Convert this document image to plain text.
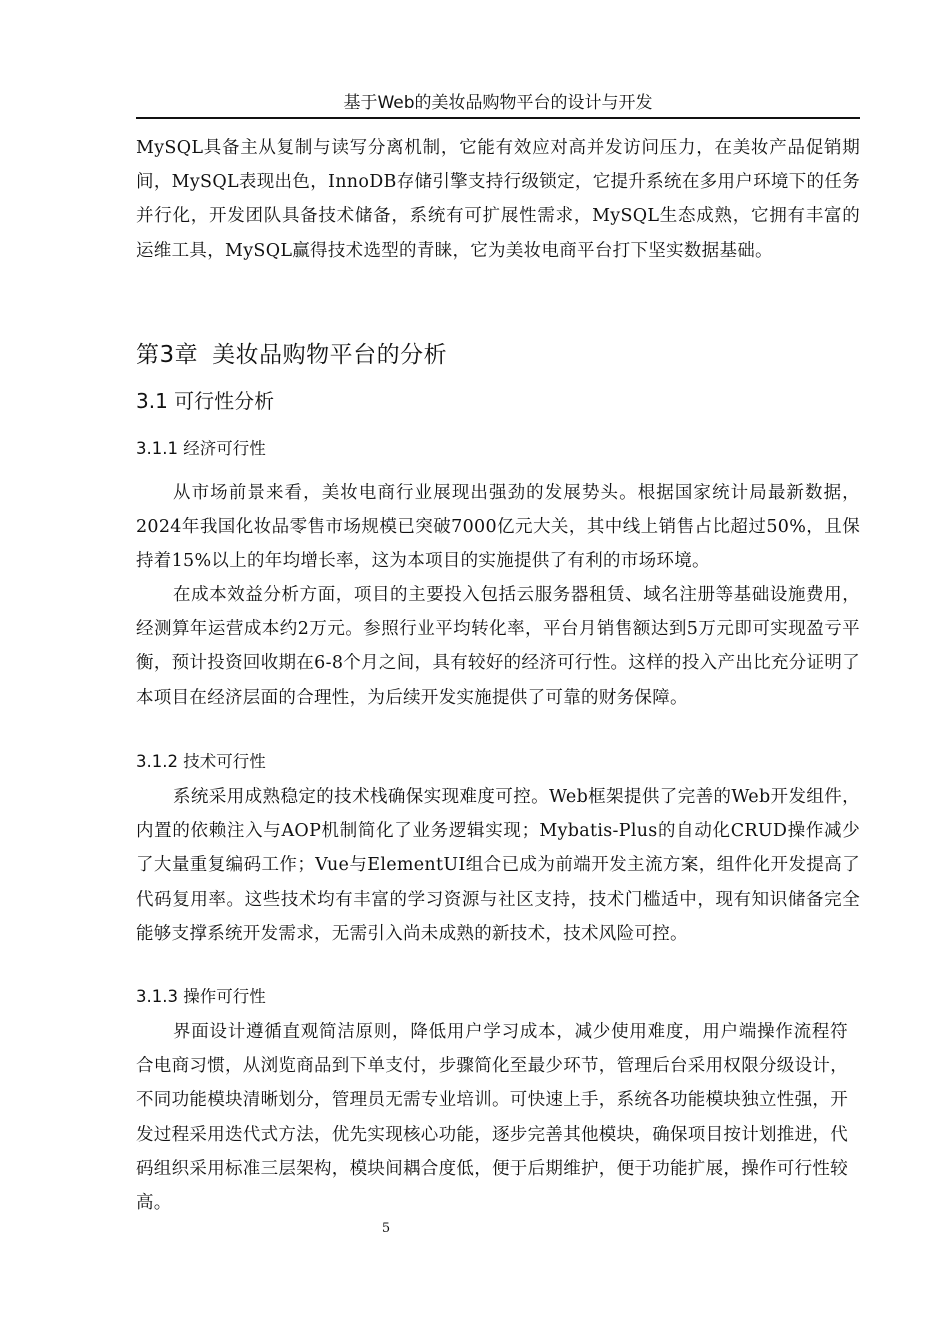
基于Web的美妆品购物平台的设计与开发

MySQL具备主从复制与读写分离机制，它能有效应对高并发访问压力，在美妆产品促销期间，MySQL表现出色，InnoDB存储引擎支持行级锁定，它提升系统在多用户环境下的任务并行化，开发团队具备技术储备，系统有可扩展性需求，MySQL生态成熟，它拥有丰富的运维工具，MySQL赢得技术选型的青睐，它为美妆电商平台打下坚实数据基础。

第3章 美妆品购物平台的分析
3.1 可行性分析
3.1.1 经济可行性

从市场前景来看，美妆电商行业展现出强劲的发展势头。根据国家统计局最新数据，2024年我国化妆品零售市场规模已突破7000亿元大关，其中线上销售占比超过50%，且保持着15%以上的年均增长率，这为本项目的实施提供了有利的市场环境。

在成本效益分析方面，项目的主要投入包括云服务器租赁、域名注册等基础设施费用，经测算年运营成本约2万元。参照行业平均转化率，平台月销售额达到5万元即可实现盈亏平衡，预计投资回收期在6-8个月之间，具有较好的经济可行性。这样的投入产出比充分证明了本项目在经济层面的合理性，为后续开发实施提供了可靠的财务保障。

3.1.2 技术可行性

系统采用成熟稳定的技术栈确保实现难度可控。Web框架提供了完善的Web开发组件，内置的依赖注入与AOP机制简化了业务逻辑实现；Mybatis-Plus的自动化CRUD操作减少了大量重复编码工作；Vue与ElementUI组合已成为前端开发主流方案，组件化开发提高了代码复用率。这些技术均有丰富的学习资源与社区支持，技术门槛适中，现有知识储备完全能够支撑系统开发需求，无需引入尚未成熟的新技术，技术风险可控。

3.1.3 操作可行性

界面设计遵循直观简洁原则，降低用户学习成本，减少使用难度，用户端操作流程符合电商习惯，从浏览商品到下单支付，步骤简化至最少环节，管理后台采用权限分级设计，不同功能模块清晰划分，管理员无需专业培训。可快速上手，系统各功能模块独立性强，开发过程采用迭代式方法，优先实现核心功能，逐步完善其他模块，确保项目按计划推进，代码组织采用标准三层架构，模块间耦合度低，便于后期维护，便于功能扩展，操作可行性较高。

5
